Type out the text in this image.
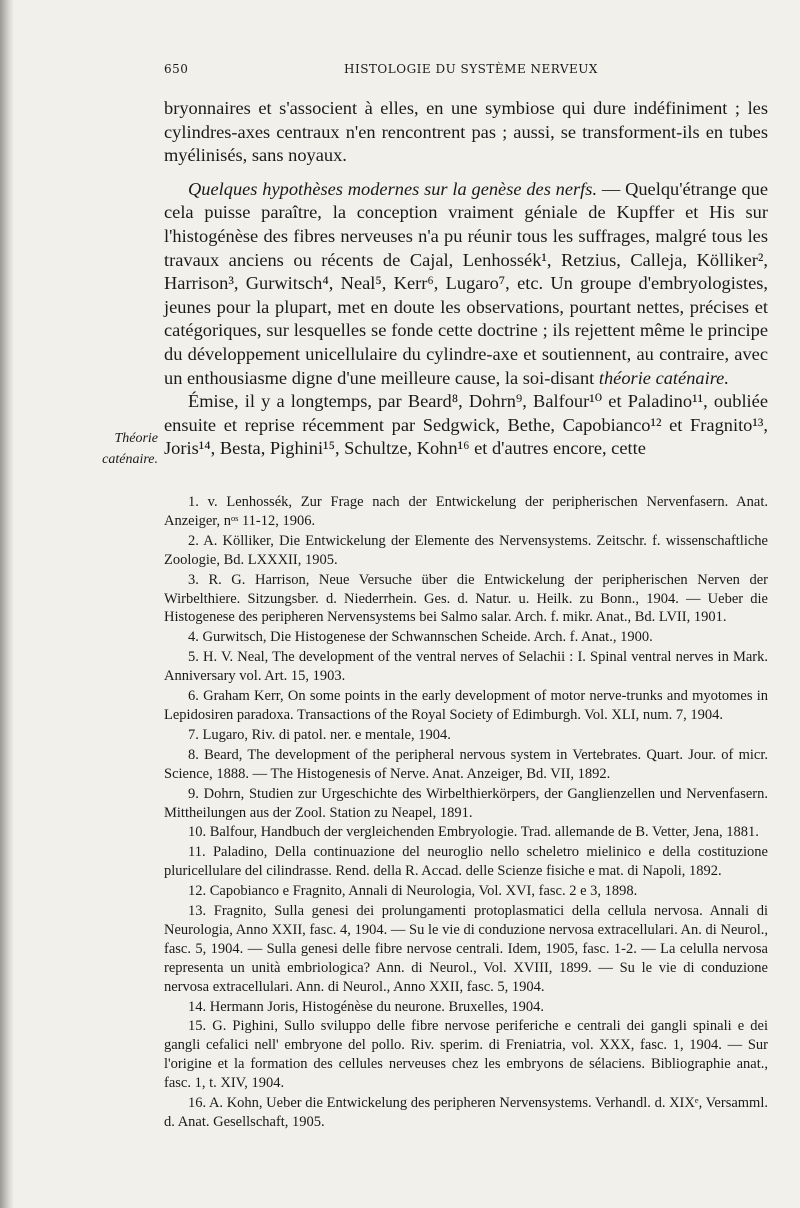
650	HISTOLOGIE DU SYSTÈME NERVEUX

bryonnaires et s'associent à elles, en une symbiose qui dure indéfiniment ; les cylindres-axes centraux n'en rencontrent pas ; aussi, se transforment-ils en tubes myélinisés, sans noyaux.

Quelques hypothèses modernes sur la genèse des nerfs. — Quelqu'étrange que cela puisse paraître, la conception vraiment géniale de Kupffer et His sur l'histogénèse des fibres nerveuses n'a pu réunir tous les suffrages, malgré tous les travaux anciens ou récents de Cajal, Lenhossék¹, Retzius, Calleja, Kölliker², Harrison³, Gurwitsch⁴, Neal⁵, Kerr⁶, Lugaro⁷, etc. Un groupe d'embryologistes, jeunes pour la plupart, met en doute les observations, pourtant nettes, précises et catégoriques, sur lesquelles se fonde cette doctrine ; ils rejettent même le principe du développement unicellulaire du cylindre-axe et soutiennent, au contraire, avec un enthousiasme digne d'une meilleure cause, la soi-disant théorie caténaire.

Émise, il y a longtemps, par Beard⁸, Dohrn⁹, Balfour¹⁰ et Paladino¹¹, oubliée ensuite et reprise récemment par Sedgwick, Bethe, Capobianco¹² et Fragnito¹³, Joris¹⁴, Besta, Pighini¹⁵, Schultze, Kohn¹⁶ et d'autres encore, cette

Théorie caténaire.

1. v. Lenhossék, Zur Frage nach der Entwickelung der peripherischen Nervenfasern. Anat. Anzeiger, nᵒˢ 11-12, 1906.

2. A. Kölliker, Die Entwickelung der Elemente des Nervensystems. Zeitschr. f. wissenschaftliche Zoologie, Bd. LXXXII, 1905.

3. R. G. Harrison, Neue Versuche über die Entwickelung der peripherischen Nerven der Wirbelthiere. Sitzungsber. d. Niederrhein. Ges. d. Natur. u. Heilk. zu Bonn., 1904. — Ueber die Histogenese des peripheren Nervensystems bei Salmo salar. Arch. f. mikr. Anat., Bd. LVII, 1901.

4. Gurwitsch, Die Histogenese der Schwannschen Scheide. Arch. f. Anat., 1900.

5. H. V. Neal, The development of the ventral nerves of Selachii : I. Spinal ventral nerves in Mark. Anniversary vol. Art. 15, 1903.

6. Graham Kerr, On some points in the early development of motor nerve-trunks and myotomes in Lepidosiren paradoxa. Transactions of the Royal Society of Edimburgh. Vol. XLI, num. 7, 1904.

7. Lugaro, Riv. di patol. ner. e mentale, 1904.

8. Beard, The development of the peripheral nervous system in Vertebrates. Quart. Jour. of micr. Science, 1888. — The Histogenesis of Nerve. Anat. Anzeiger, Bd. VII, 1892.

9. Dohrn, Studien zur Urgeschichte des Wirbelthierkörpers, der Ganglienzellen und Nervenfasern. Mittheilungen aus der Zool. Station zu Neapel, 1891.

10. Balfour, Handbuch der vergleichenden Embryologie. Trad. allemande de B. Vetter, Jena, 1881.

11. Paladino, Della continuazione del neuroglio nello scheletro mielinico e della costituzione pluricellulare del cilindrasse. Rend. della R. Accad. delle Scienze fisiche e mat. di Napoli, 1892.

12. Capobianco e Fragnito, Annali di Neurologia, Vol. XVI, fasc. 2 e 3, 1898.

13. Fragnito, Sulla genesi dei prolungamenti protoplasmatici della cellula nervosa. Annali di Neurologia, Anno XXII, fasc. 4, 1904. — Su le vie di conduzione nervosa extracellulari. An. di Neurol., fasc. 5, 1904. — Sulla genesi delle fibre nervose centrali. Idem, 1905, fasc. 1-2. — La celulla nervosa representa un unità embriologica? Ann. di Neurol., Vol. XVIII, 1899. — Su le vie di conduzione nervosa extracellulari. Ann. di Neurol., Anno XXII, fasc. 5, 1904.

14. Hermann Joris, Histogénèse du neurone. Bruxelles, 1904.

15. G. Pighini, Sullo sviluppo delle fibre nervose periferiche e centrali dei gangli spinali e dei gangli cefalici nell' embryone del pollo. Riv. sperim. di Freniatria, vol. XXX, fasc. 1, 1904. — Sur l'origine et la formation des cellules nerveuses chez les embryons de sélaciens. Bibliographie anat., fasc. 1, t. XIV, 1904.

16. A. Kohn, Ueber die Entwickelung des peripheren Nervensystems. Verhandl. d. XIXᵉ, Versamml. d. Anat. Gesellschaft, 1905.
